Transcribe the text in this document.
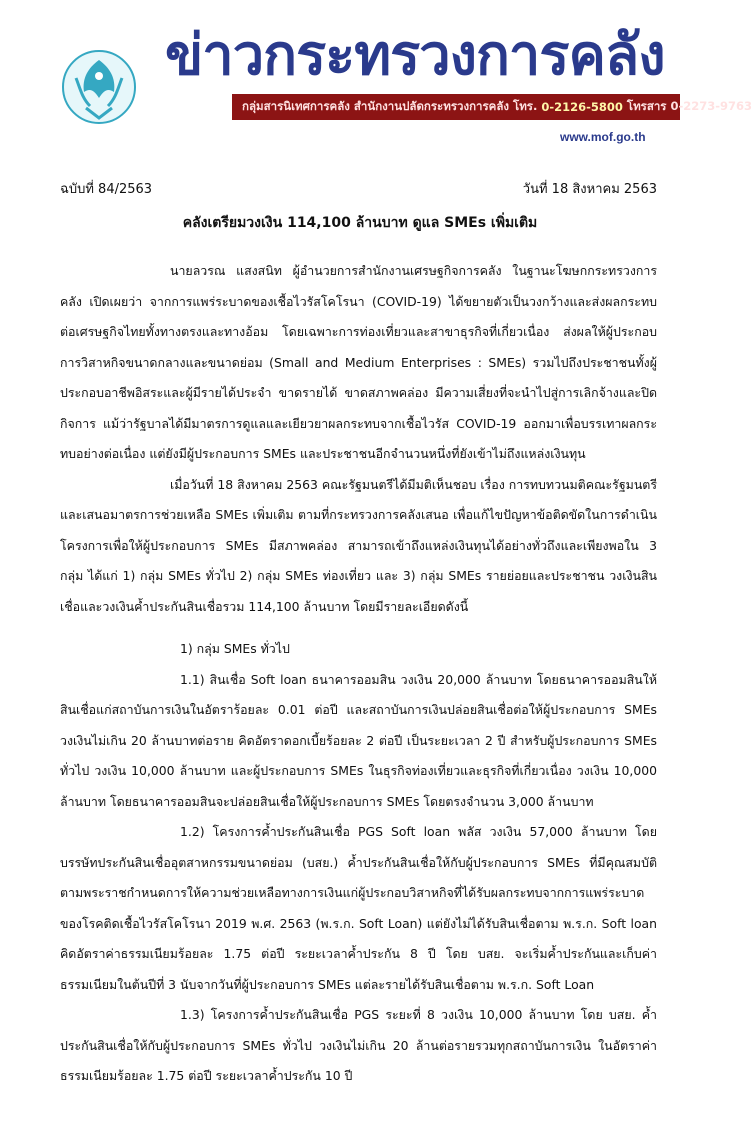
ข่าวกระทรวงการคลัง
กลุ่มสารนิเทศการคลัง สำนักงานปลัดกระทรวงการคลัง โทร. 0-2126-5800 โทรสาร 0-2273-9763
www.mof.go.th
ฉบับที่ 84/2563	วันที่ 18 สิงหาคม 2563
คลังเตรียมวงเงิน 114,100 ล้านบาท ดูแล SMEs เพิ่มเติม

นายลวรณ แสงสนิท ผู้อำนวยการสำนักงานเศรษฐกิจการคลัง ในฐานะโฆษกกระทรวงการคลัง เปิดเผยว่า จากการแพร่ระบาดของเชื้อไวรัสโคโรนา (COVID-19) ได้ขยายตัวเป็นวงกว้างและส่งผลกระทบต่อเศรษฐกิจไทยทั้งทางตรงและทางอ้อม โดยเฉพาะการท่องเที่ยวและสาขาธุรกิจที่เกี่ยวเนื่อง ส่งผลให้ผู้ประกอบการวิสาหกิจขนาดกลางและขนาดย่อม (Small and Medium Enterprises : SMEs) รวมไปถึงประชาชนทั้งผู้ประกอบอาชีพอิสระและผู้มีรายได้ประจำ ขาดรายได้ ขาดสภาพคล่อง มีความเสี่ยงที่จะนำไปสู่การเลิกจ้างและปิดกิจการ แม้ว่ารัฐบาลได้มีมาตรการดูแลและเยียวยาผลกระทบจากเชื้อไวรัส COVID-19 ออกมาเพื่อบรรเทาผลกระทบอย่างต่อเนื่อง แต่ยังมีผู้ประกอบการ SMEs และประชาชนอีกจำนวนหนึ่งที่ยังเข้าไม่ถึงแหล่งเงินทุน

เมื่อวันที่ 18 สิงหาคม 2563 คณะรัฐมนตรีได้มีมติเห็นชอบ เรื่อง การทบทวนมติคณะรัฐมนตรีและเสนอมาตรการช่วยเหลือ SMEs เพิ่มเติม ตามที่กระทรวงการคลังเสนอ เพื่อแก้ไขปัญหาข้อติดขัดในการดำเนินโครงการเพื่อให้ผู้ประกอบการ SMEs มีสภาพคล่อง สามารถเข้าถึงแหล่งเงินทุนได้อย่างทั่วถึงและเพียงพอใน 3 กลุ่ม ได้แก่ 1) กลุ่ม SMEs ทั่วไป 2) กลุ่ม SMEs ท่องเที่ยว และ 3) กลุ่ม SMEs รายย่อยและประชาชน วงเงินสินเชื่อและวงเงินค้ำประกันสินเชื่อรวม 114,100 ล้านบาท โดยมีรายละเอียดดังนี้

1) กลุ่ม SMEs ทั่วไป

1.1) สินเชื่อ Soft loan ธนาคารออมสิน วงเงิน 20,000 ล้านบาท โดยธนาคารออมสินให้สินเชื่อแก่สถาบันการเงินในอัตราร้อยละ 0.01 ต่อปี และสถาบันการเงินปล่อยสินเชื่อต่อให้ผู้ประกอบการ SMEs วงเงินไม่เกิน 20 ล้านบาทต่อราย คิดอัตราดอกเบี้ยร้อยละ 2 ต่อปี เป็นระยะเวลา 2 ปี สำหรับผู้ประกอบการ SMEs ทั่วไป วงเงิน 10,000 ล้านบาท และผู้ประกอบการ SMEs ในธุรกิจท่องเที่ยวและธุรกิจที่เกี่ยวเนื่อง วงเงิน 10,000 ล้านบาท โดยธนาคารออมสินจะปล่อยสินเชื่อให้ผู้ประกอบการ SMEs โดยตรงจำนวน 3,000 ล้านบาท

1.2) โครงการค้ำประกันสินเชื่อ PGS Soft loan พลัส วงเงิน 57,000 ล้านบาท โดยบรรษัทประกันสินเชื่ออุตสาหกรรมขนาดย่อม (บสย.) ค้ำประกันสินเชื่อให้กับผู้ประกอบการ SMEs ที่มีคุณสมบัติตามพระราชกำหนดการให้ความช่วยเหลือทางการเงินแก่ผู้ประกอบวิสาหกิจที่ได้รับผลกระทบจากการแพร่ระบาดของโรคติดเชื้อไวรัสโคโรนา 2019 พ.ศ. 2563 (พ.ร.ก. Soft Loan) แต่ยังไม่ได้รับสินเชื่อตาม พ.ร.ก. Soft loan คิดอัตราค่าธรรมเนียมร้อยละ 1.75 ต่อปี ระยะเวลาค้ำประกัน 8 ปี โดย บสย. จะเริ่มค้ำประกันและเก็บค่าธรรมเนียมในต้นปีที่ 3 นับจากวันที่ผู้ประกอบการ SMEs แต่ละรายได้รับสินเชื่อตาม พ.ร.ก. Soft Loan

1.3) โครงการค้ำประกันสินเชื่อ PGS ระยะที่ 8 วงเงิน 10,000 ล้านบาท โดย บสย. ค้ำประกันสินเชื่อให้กับผู้ประกอบการ SMEs ทั่วไป วงเงินไม่เกิน 20 ล้านต่อรายรวมทุกสถาบันการเงิน ในอัตราค่าธรรมเนียมร้อยละ 1.75 ต่อปี ระยะเวลาค้ำประกัน 10 ปี
